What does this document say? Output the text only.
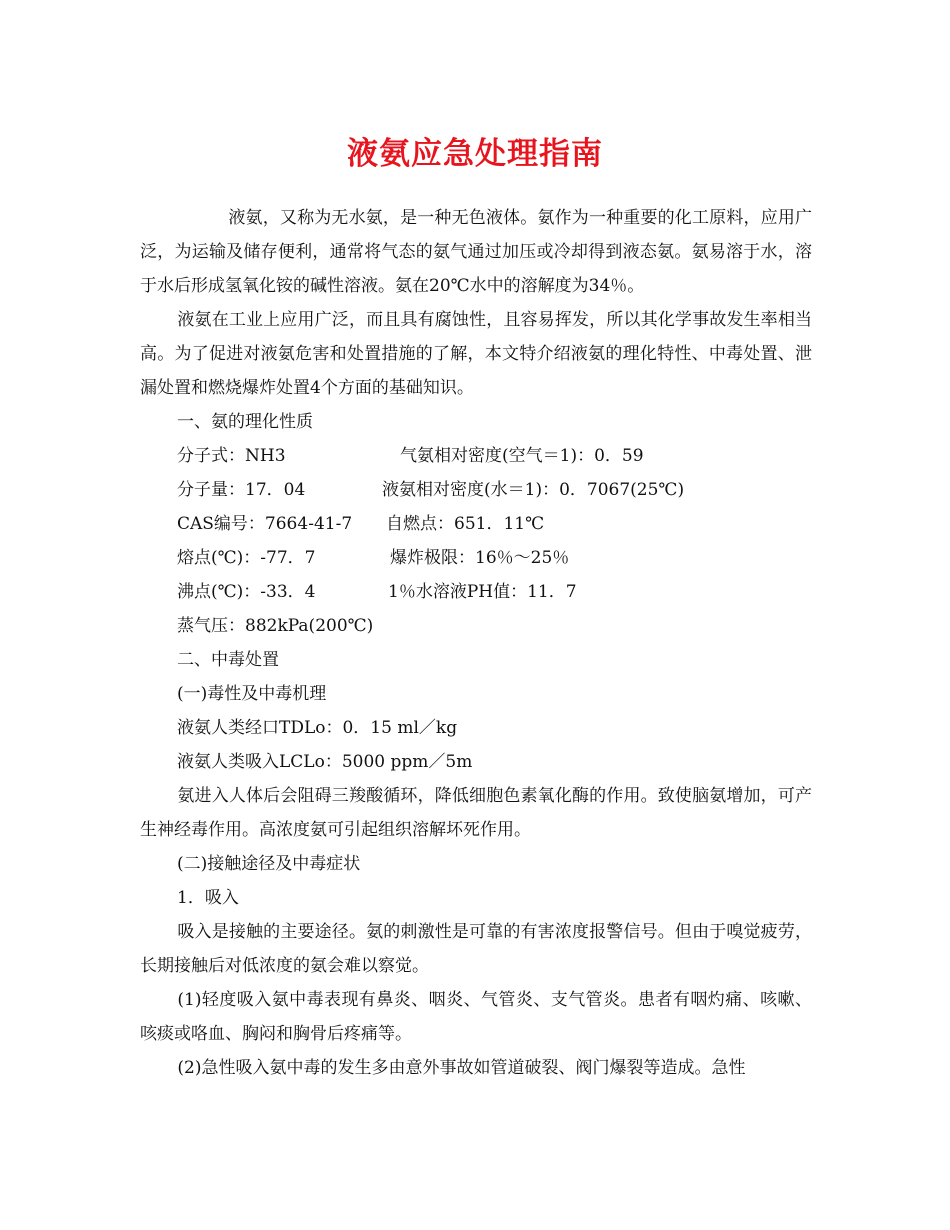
液氨应急处理指南

液氨，又称为无水氨，是一种无色液体。氨作为一种重要的化工原料，应用广泛，为运输及储存便利，通常将气态的氨气通过加压或冷却得到液态氨。氨易溶于水，溶于水后形成氢氧化铵的碱性溶液。氨在20℃水中的溶解度为34％。

液氨在工业上应用广泛，而且具有腐蚀性，且容易挥发，所以其化学事故发生率相当高。为了促进对液氨危害和处置措施的了解，本文特介绍液氨的理化特性、中毒处置、泄漏处置和燃烧爆炸处置4个方面的基础知识。

一、氨的理化性质

分子式：NH3	气氨相对密度(空气＝1)：0．59

分子量：17．04	液氨相对密度(水＝1)：0．7067(25℃)

CAS编号：7664-41-7 自燃点：651．11℃

熔点(℃)：-77．7	爆炸极限：16％～25％

沸点(℃)：-33．4	1％水溶液PH值：11．7

蒸气压：882kPa(200℃)

二、中毒处置

(一)毒性及中毒机理

液氨人类经口TDLo：0．15 ml／kg

液氨人类吸入LCLo：5000 ppm／5m

氨进入人体后会阻碍三羧酸循环，降低细胞色素氧化酶的作用。致使脑氨增加，可产生神经毒作用。高浓度氨可引起组织溶解坏死作用。

(二)接触途径及中毒症状

1．吸入

吸入是接触的主要途径。氨的刺激性是可靠的有害浓度报警信号。但由于嗅觉疲劳，长期接触后对低浓度的氨会难以察觉。

(1)轻度吸入氨中毒表现有鼻炎、咽炎、气管炎、支气管炎。患者有咽灼痛、咳嗽、咳痰或咯血、胸闷和胸骨后疼痛等。

(2)急性吸入氨中毒的发生多由意外事故如管道破裂、阀门爆裂等造成。急性
